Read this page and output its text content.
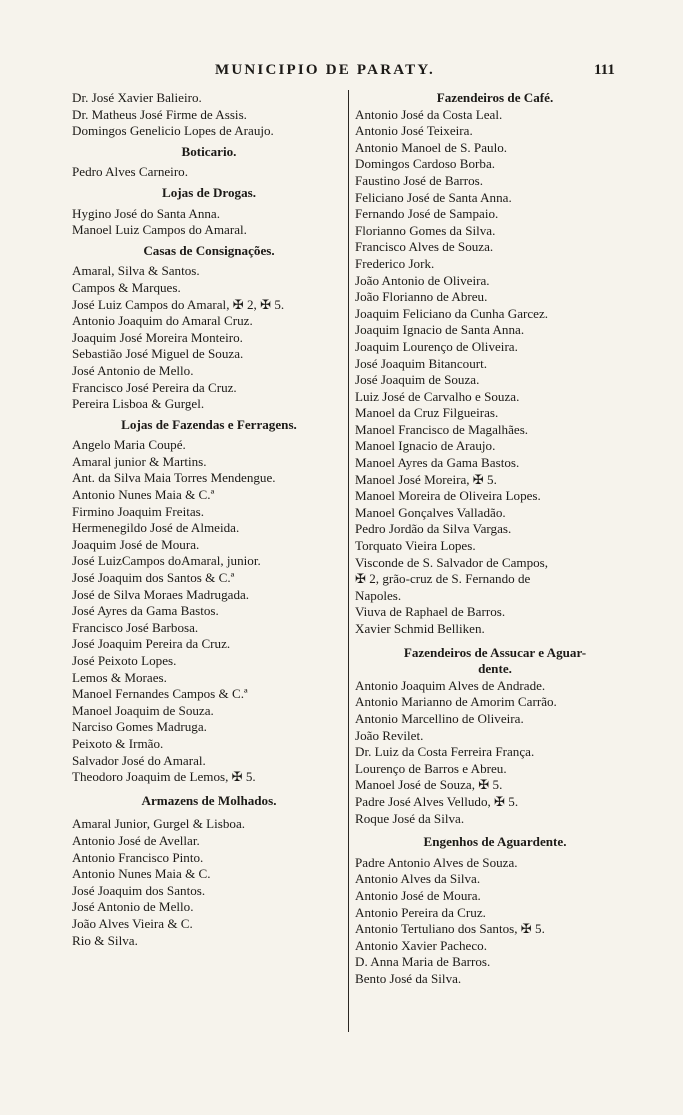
MUNICIPIO DE PARATY.	111
Dr. José Xavier Balieiro.
Dr. Matheus José Firme de Assis.
Domingos Genelicio Lopes de Araujo.
Boticario.
Pedro Alves Carneiro.
Lojas de Drogas.
Hygino José do Santa Anna.
Manoel Luiz Campos do Amaral.
Casas de Consignações.
Amaral, Silva & Santos.
Campos & Marques.
José Luiz Campos do Amaral, ✠ 2, ✠ 5.
Antonio Joaquim do Amaral Cruz.
Joaquim José Moreira Monteiro.
Sebastião José Miguel de Souza.
José Antonio de Mello.
Francisco José Pereira da Cruz.
Pereira Lisboa & Gurgel.
Lojas de Fazendas e Ferragens.
Angelo Maria Coupé.
Amaral junior & Martins.
Ant. da Silva Maia Torres Mendengue.
Antonio Nunes Maia & C.ª
Firmino Joaquim Freitas.
Hermenegildo José de Almeida.
Joaquim José de Moura.
José LuizCampos doAmaral, junior.
José Joaquim dos Santos & C.ª
José de Silva Moraes Madrugada.
José Ayres da Gama Bastos.
Francisco José Barbosa.
José Joaquim Pereira da Cruz.
José Peixoto Lopes.
Lemos & Moraes.
Manoel Fernandes Campos & C.ª
Manoel Joaquim de Souza.
Narciso Gomes Madruga.
Peixoto & Irmão.
Salvador José do Amaral.
Theodoro Joaquim de Lemos, ✠ 5.
Armazens de Molhados.
Amaral Junior, Gurgel & Lisboa.
Antonio José de Avellar.
Antonio Francisco Pinto.
Antonio Nunes Maia & C.
José Joaquim dos Santos.
José Antonio de Mello.
João Alves Vieira & C.
Rio & Silva.
Fazendeiros de Café.
Antonio José da Costa Leal.
Antonio José Teixeira.
Antonio Manoel de S. Paulo.
Domingos Cardoso Borba.
Faustino José de Barros.
Feliciano José de Santa Anna.
Fernando José de Sampaio.
Florianno Gomes da Silva.
Francisco Alves de Souza.
Frederico Jork.
João Antonio de Oliveira.
João Florianno de Abreu.
Joaquim Feliciano da Cunha Garcez.
Joaquim Ignacio de Santa Anna.
Joaquim Lourenço de Oliveira.
José Joaquim Bitancourt.
José Joaquim de Souza.
Luiz José de Carvalho e Souza.
Manoel da Cruz Filgueiras.
Manoel Francisco de Magalhães.
Manoel Ignacio de Araujo.
Manoel Ayres da Gama Bastos.
Manoel José Moreira, ✠ 5.
Manoel Moreira de Oliveira Lopes.
Manoel Gonçalves Valladão.
Pedro Jordão da Silva Vargas.
Torquato Vieira Lopes.
Visconde de S. Salvador de Campos,
✠ 2, grão-cruz de S. Fernando de
Napoles.
Viuva de Raphael de Barros.
Xavier Schmid Belliken.
Fazendeiros de Assucar e Aguar-
dente.
Antonio Joaquim Alves de Andrade.
Antonio Marianno de Amorim Carrão.
Antonio Marcellino de Oliveira.
João Revilet.
Dr. Luiz da Costa Ferreira França.
Lourenço de Barros e Abreu.
Manoel José de Souza, ✠ 5.
Padre José Alves Velludo, ✠ 5.
Roque José da Silva.
Engenhos de Aguardente.
Padre Antonio Alves de Souza.
Antonio Alves da Silva.
Antonio José de Moura.
Antonio Pereira da Cruz.
Antonio Tertuliano dos Santos, ✠ 5.
Antonio Xavier Pacheco.
D. Anna Maria de Barros.
Bento José da Silva.
